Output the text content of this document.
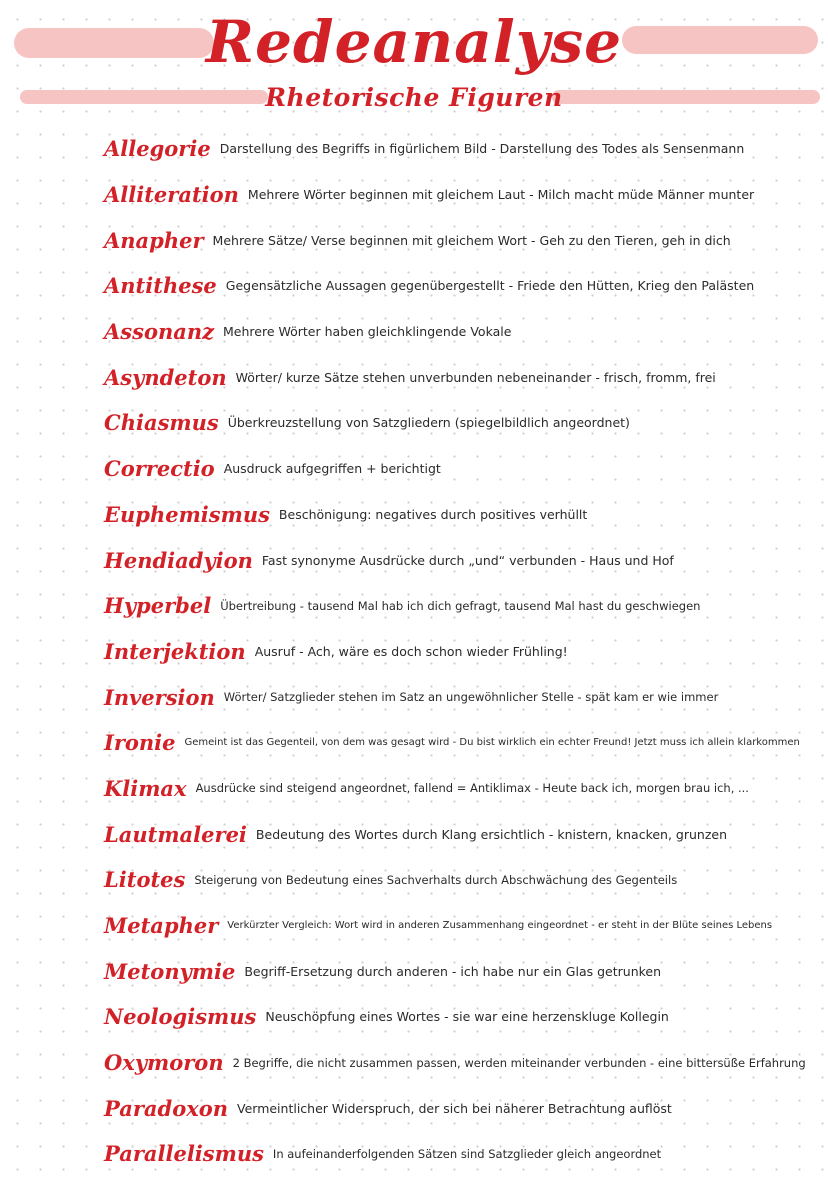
Redeanalyse
Rhetorische Figuren
Allegorie Darstellung des Begriffs in figürlichem Bild - Darstellung des Todes als Sensenmann
Alliteration Mehrere Wörter beginnen mit gleichem Laut - Milch macht müde Männer munter
Anapher Mehrere Sätze/ Verse beginnen mit gleichem Wort - Geh zu den Tieren, geh in dich
Antithese Gegensätzliche Aussagen gegenübergestellt - Friede den Hütten, Krieg den Palästen
Assonanz Mehrere Wörter haben gleichklingende Vokale
Asyndeton Wörter/ kurze Sätze stehen unverbunden nebeneinander - frisch, fromm, frei
Chiasmus Überkreuzstellung von Satzgliedern (spiegelbildlich angeordnet)
Correctio Ausdruck aufgegriffen + berichtigt
Euphemismus Beschönigung: negatives durch positives verhüllt
Hendiadyion Fast synonyme Ausdrücke durch „und“ verbunden - Haus und Hof
Hyperbel Übertreibung - tausend Mal hab ich dich gefragt, tausend Mal hast du geschwiegen
Interjektion Ausruf - Ach, wäre es doch schon wieder Frühling!
Inversion Wörter/ Satzglieder stehen im Satz an ungewöhnlicher Stelle - spät kam er wie immer
Ironie Gemeint ist das Gegenteil, von dem was gesagt wird - Du bist wirklich ein echter Freund! Jetzt muss ich allein klarkommen
Klimax Ausdrücke sind steigend angeordnet, fallend = Antiklimax - Heute back ich, morgen brau ich, ...
Lautmalerei Bedeutung des Wortes durch Klang ersichtlich - knistern, knacken, grunzen
Litotes Steigerung von Bedeutung eines Sachverhalts durch Abschwächung des Gegenteils
Metapher Verkürzter Vergleich: Wort wird in anderen Zusammenhang eingeordnet - er steht in der Blüte seines Lebens
Metonymie Begriff-Ersetzung durch anderen - ich habe nur ein Glas getrunken
Neologismus Neuschöpfung eines Wortes - sie war eine herzenskluge Kollegin
Oxymoron 2 Begriffe, die nicht zusammen passen, werden miteinander verbunden - eine bittersüße Erfahrung
Paradoxon Vermeintlicher Widerspruch, der sich bei näherer Betrachtung auflöst
Parallelismus In aufeinanderfolgenden Sätzen sind Satzglieder gleich angeordnet
